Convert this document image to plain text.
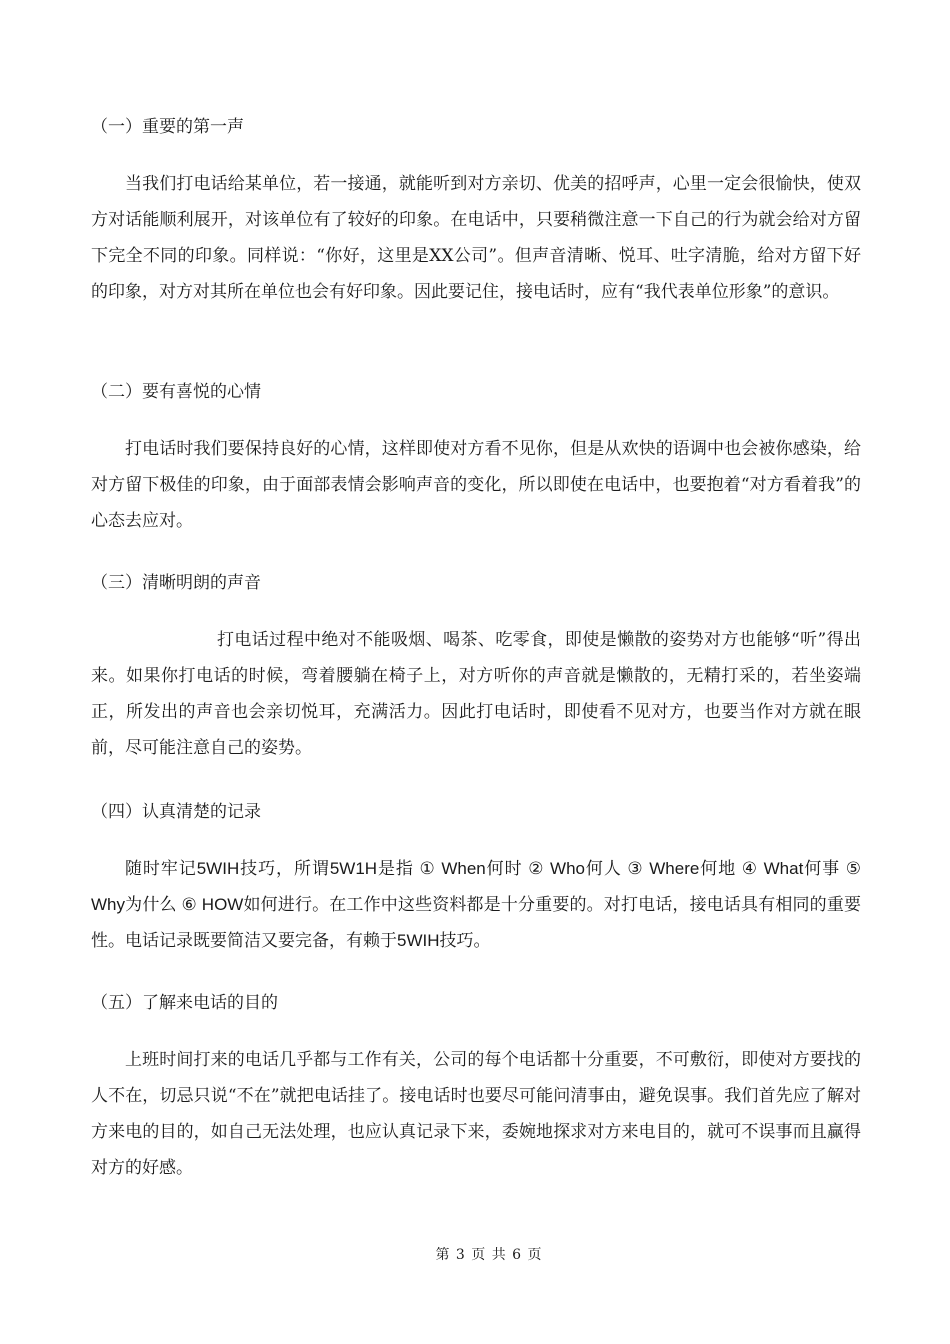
（一）重要的第一声

当我们打电话给某单位，若一接通，就能听到对方亲切、优美的招呼声，心里一定会很愉快，使双方对话能顺利展开，对该单位有了较好的印象。在电话中，只要稍微注意一下自己的行为就会给对方留下完全不同的印象。同样说：“你好，这里是XX公司”。但声音清晰、悦耳、吐字清脆，给对方留下好的印象，对方对其所在单位也会有好印象。因此要记住，接电话时，应有“我代表单位形象”的意识。

（二）要有喜悦的心情

打电话时我们要保持良好的心情，这样即使对方看不见你，但是从欢快的语调中也会被你感染，给对方留下极佳的印象，由于面部表情会影响声音的变化，所以即使在电话中，也要抱着“对方看着我”的心态去应对。

（三）清晰明朗的声音

打电话过程中绝对不能吸烟、喝茶、吃零食，即使是懒散的姿势对方也能够“听”得出来。如果你打电话的时候，弯着腰躺在椅子上，对方听你的声音就是懒散的，无精打采的，若坐姿端正，所发出的声音也会亲切悦耳，充满活力。因此打电话时，即使看不见对方，也要当作对方就在眼前，尽可能注意自己的姿势。

（四）认真清楚的记录

随时牢记5WIH技巧，所谓5W1H是指 ① When何时 ② Who何人 ③ Where何地 ④ What何事 ⑤ Why为什么 ⑥ HOW如何进行。在工作中这些资料都是十分重要的。对打电话，接电话具有相同的重要性。电话记录既要简洁又要完备，有赖于5WIH技巧。

（五）了解来电话的目的

上班时间打来的电话几乎都与工作有关，公司的每个电话都十分重要，不可敷衍，即使对方要找的人不在，切忌只说“不在”就把电话挂了。接电话时也要尽可能问清事由，避免误事。我们首先应了解对方来电的目的，如自己无法处理，也应认真记录下来，委婉地探求对方来电目的，就可不误事而且赢得对方的好感。

第 3 页 共 6 页
